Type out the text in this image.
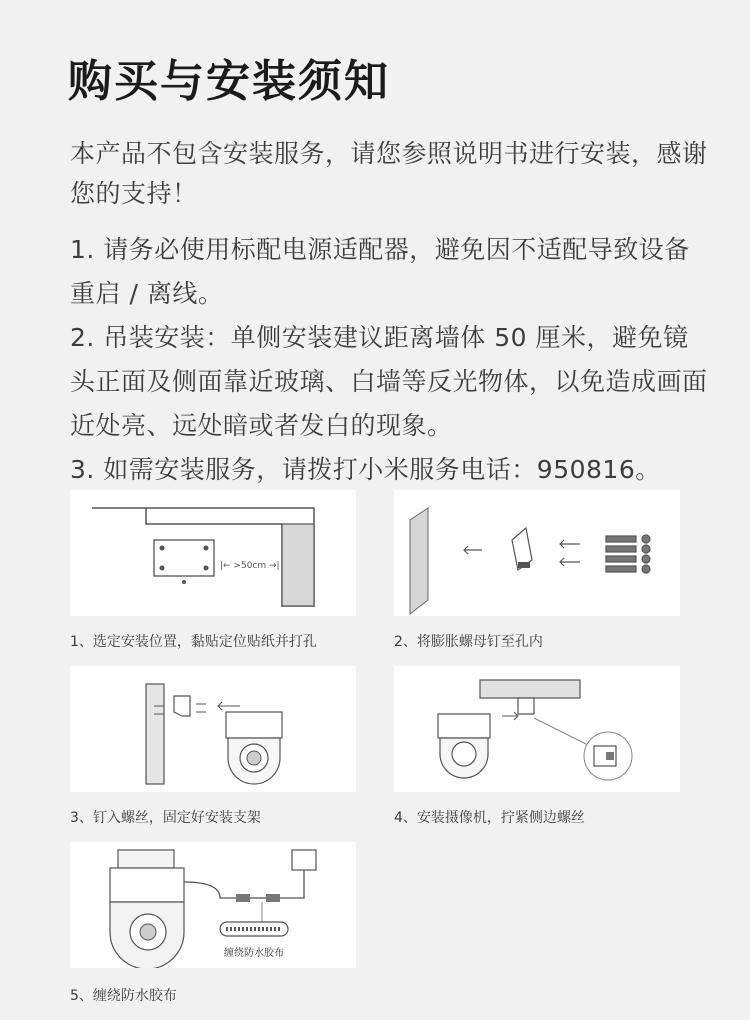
购买与安装须知
本产品不包含安装服务，请您参照说明书进行安装，感谢您的支持！
1. 请务必使用标配电源适配器，避免因不适配导致设备重启 / 离线。
2. 吊装安装：单侧安装建议距离墙体 50 厘米，避免镜头正面及侧面靠近玻璃、白墙等反光物体，以免造成画面近处亮、远处暗或者发白的现象。
3. 如需安装服务，请拨打小米服务电话：950816。
|← >50cm →|
1、选定安装位置，黏贴定位贴纸并打孔	2、将膨胀螺母钉至孔内
3、钉入螺丝，固定好安装支架	4、安装摄像机，拧紧侧边螺丝
缠绕防水胶布
5、缠绕防水胶布
